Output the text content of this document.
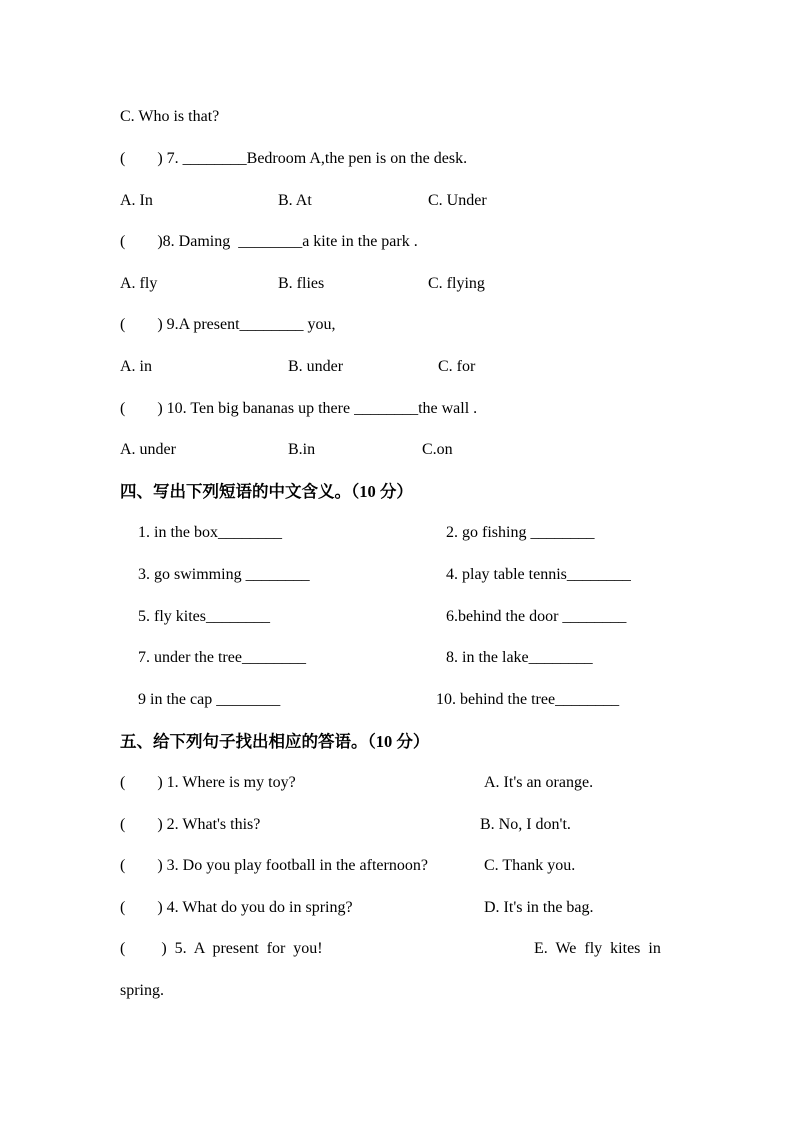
C. Who is that?
(        ) 7. ________Bedroom A,the pen is on the desk.
A. In	B. At	C. Under
(        )8. Daming  ________a kite in the park .
A. fly	B. flies	C. flying
(        ) 9.A present________ you,
A. in	B. under	C. for
(        ) 10. Ten big bananas up there ________the wall .
A. under	B.in	C.on
四、写出下列短语的中文含义。（10 分）
1. in the box________	2. go fishing ________
3. go swimming ________	4. play table tennis________
5. fly kites________	6.behind the door ________
7. under the tree________	8. in the lake________
9 in the cap ________	10. behind the tree________
五、给下列句子找出相应的答语。（10 分）
(        ) 1. Where is my toy?	A. It's an orange.
(        ) 2. What's this?	B. No, I don't.
(        ) 3. Do you play football in the afternoon?	C. Thank you.
(        ) 4. What do you do in spring?	D. It's in the bag.
(         )  5.  A  present  for  you!	E.  We  fly  kites  in
spring.
